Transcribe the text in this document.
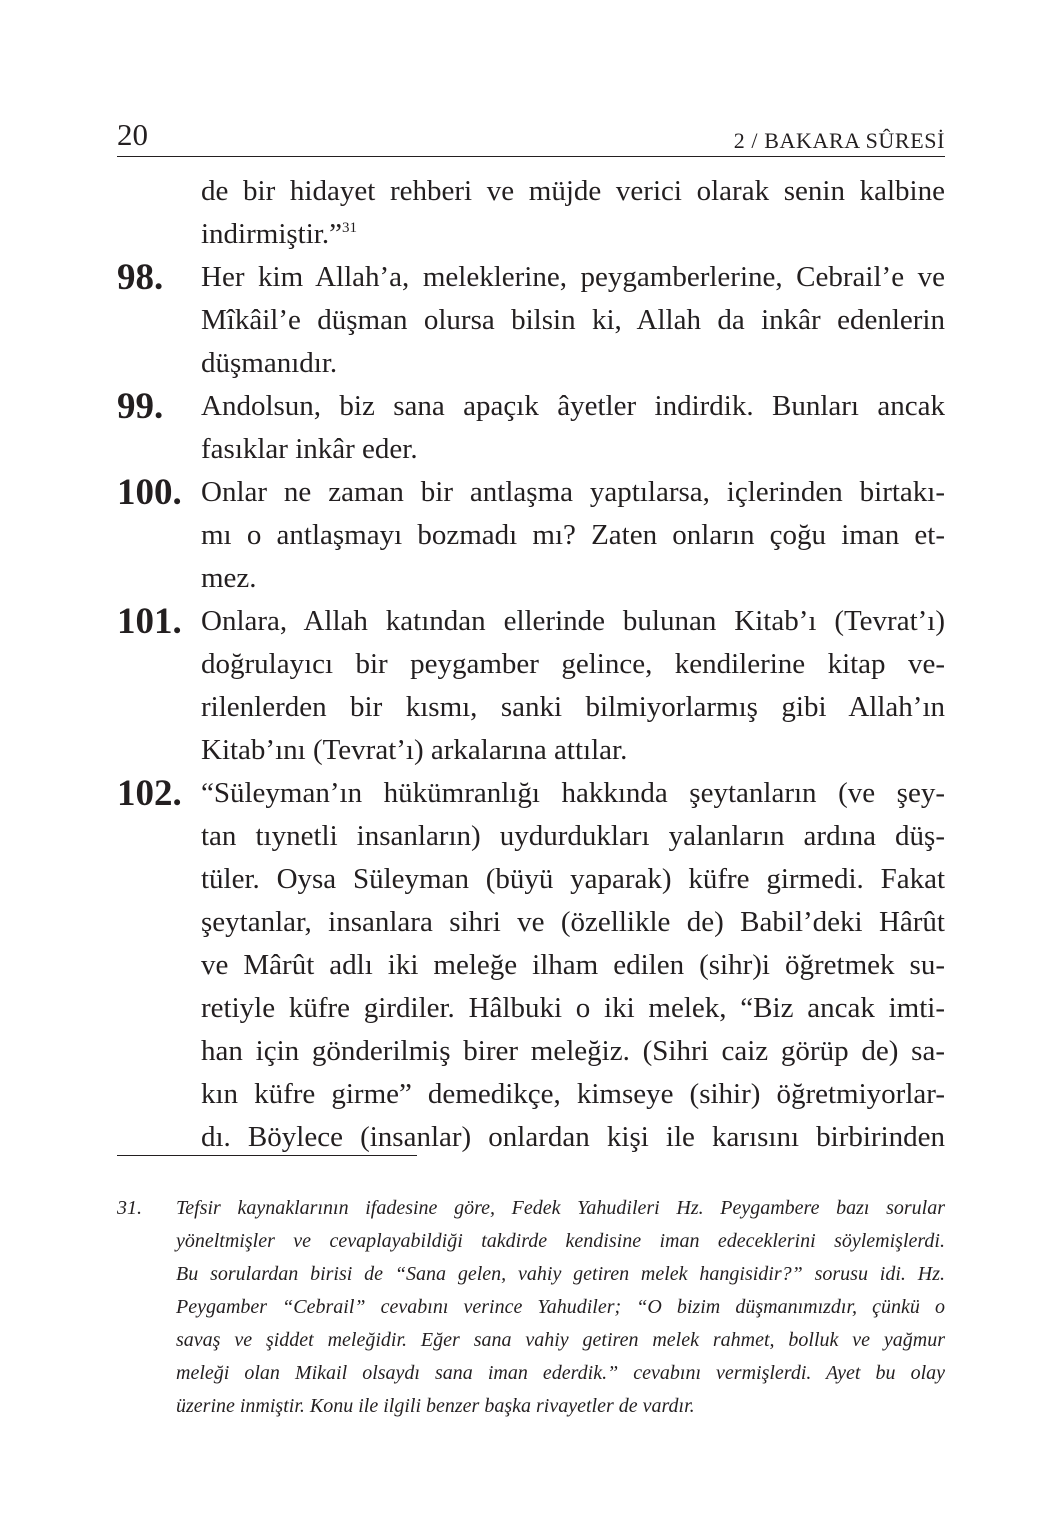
20	2 / BAKARA SÛRESİ
de bir hidayet rehberi ve müjde verici olarak senin kalbine
indirmiştir.”$^{31}$
98. Her kim Allah’a, meleklerine, peygamberlerine, Cebrail’e ve
Mîkâil’e düşman olursa bilsin ki, Allah da inkâr edenlerin
düşmanıdır.
99. Andolsun, biz sana apaçık âyetler indirdik. Bunları ancak
fasıklar inkâr eder.
100. Onlar ne zaman bir antlaşma yaptılarsa, içlerinden birtakı-
mı o antlaşmayı bozmadı mı? Zaten onların çoğu iman et-
mez.
101. Onlara, Allah katından ellerinde bulunan Kitab’ı (Tevrat’ı)
doğrulayıcı bir peygamber gelince, kendilerine kitap ve-
rilenlerden bir kısmı, sanki bilmiyorlarmış gibi Allah’ın
Kitab’ını (Tevrat’ı) arkalarına attılar.
102. “Süleyman’ın hükümranlığı hakkında şeytanların (ve şey-
tan tıynetli insanların) uydurdukları yalanların ardına düş-
tüler. Oysa Süleyman (büyü yaparak) küfre girmedi. Fakat
şeytanlar, insanlara sihri ve (özellikle de) Babil’deki Hârût
ve Mârût adlı iki meleğe ilham edilen (sihr)i öğretmek su-
retiyle küfre girdiler. Hâlbuki o iki melek, “Biz ancak imti-
han için gönderilmiş birer meleğiz. (Sihri caiz görüp de) sa-
kın küfre girme” demedikçe, kimseye (sihir) öğretmiyorlar-
dı. Böylece (insanlar) onlardan kişi ile karısını birbirinden
31. Tefsir kaynaklarının ifadesine göre, Fedek Yahudileri Hz. Peygambere bazı sorular
yöneltmişler ve cevaplayabildiği takdirde kendisine iman edeceklerini söylemişlerdi.
Bu sorulardan birisi de “Sana gelen, vahiy getiren melek hangisidir?” sorusu idi. Hz.
Peygamber “Cebrail” cevabını verince Yahudiler; “O bizim düşmanımızdır, çünkü o
savaş ve şiddet meleğidir. Eğer sana vahiy getiren melek rahmet, bolluk ve yağmur
meleği olan Mikail olsaydı sana iman ederdik.” cevabını vermişlerdi. Ayet bu olay
üzerine inmiştir. Konu ile ilgili benzer başka rivayetler de vardır.
